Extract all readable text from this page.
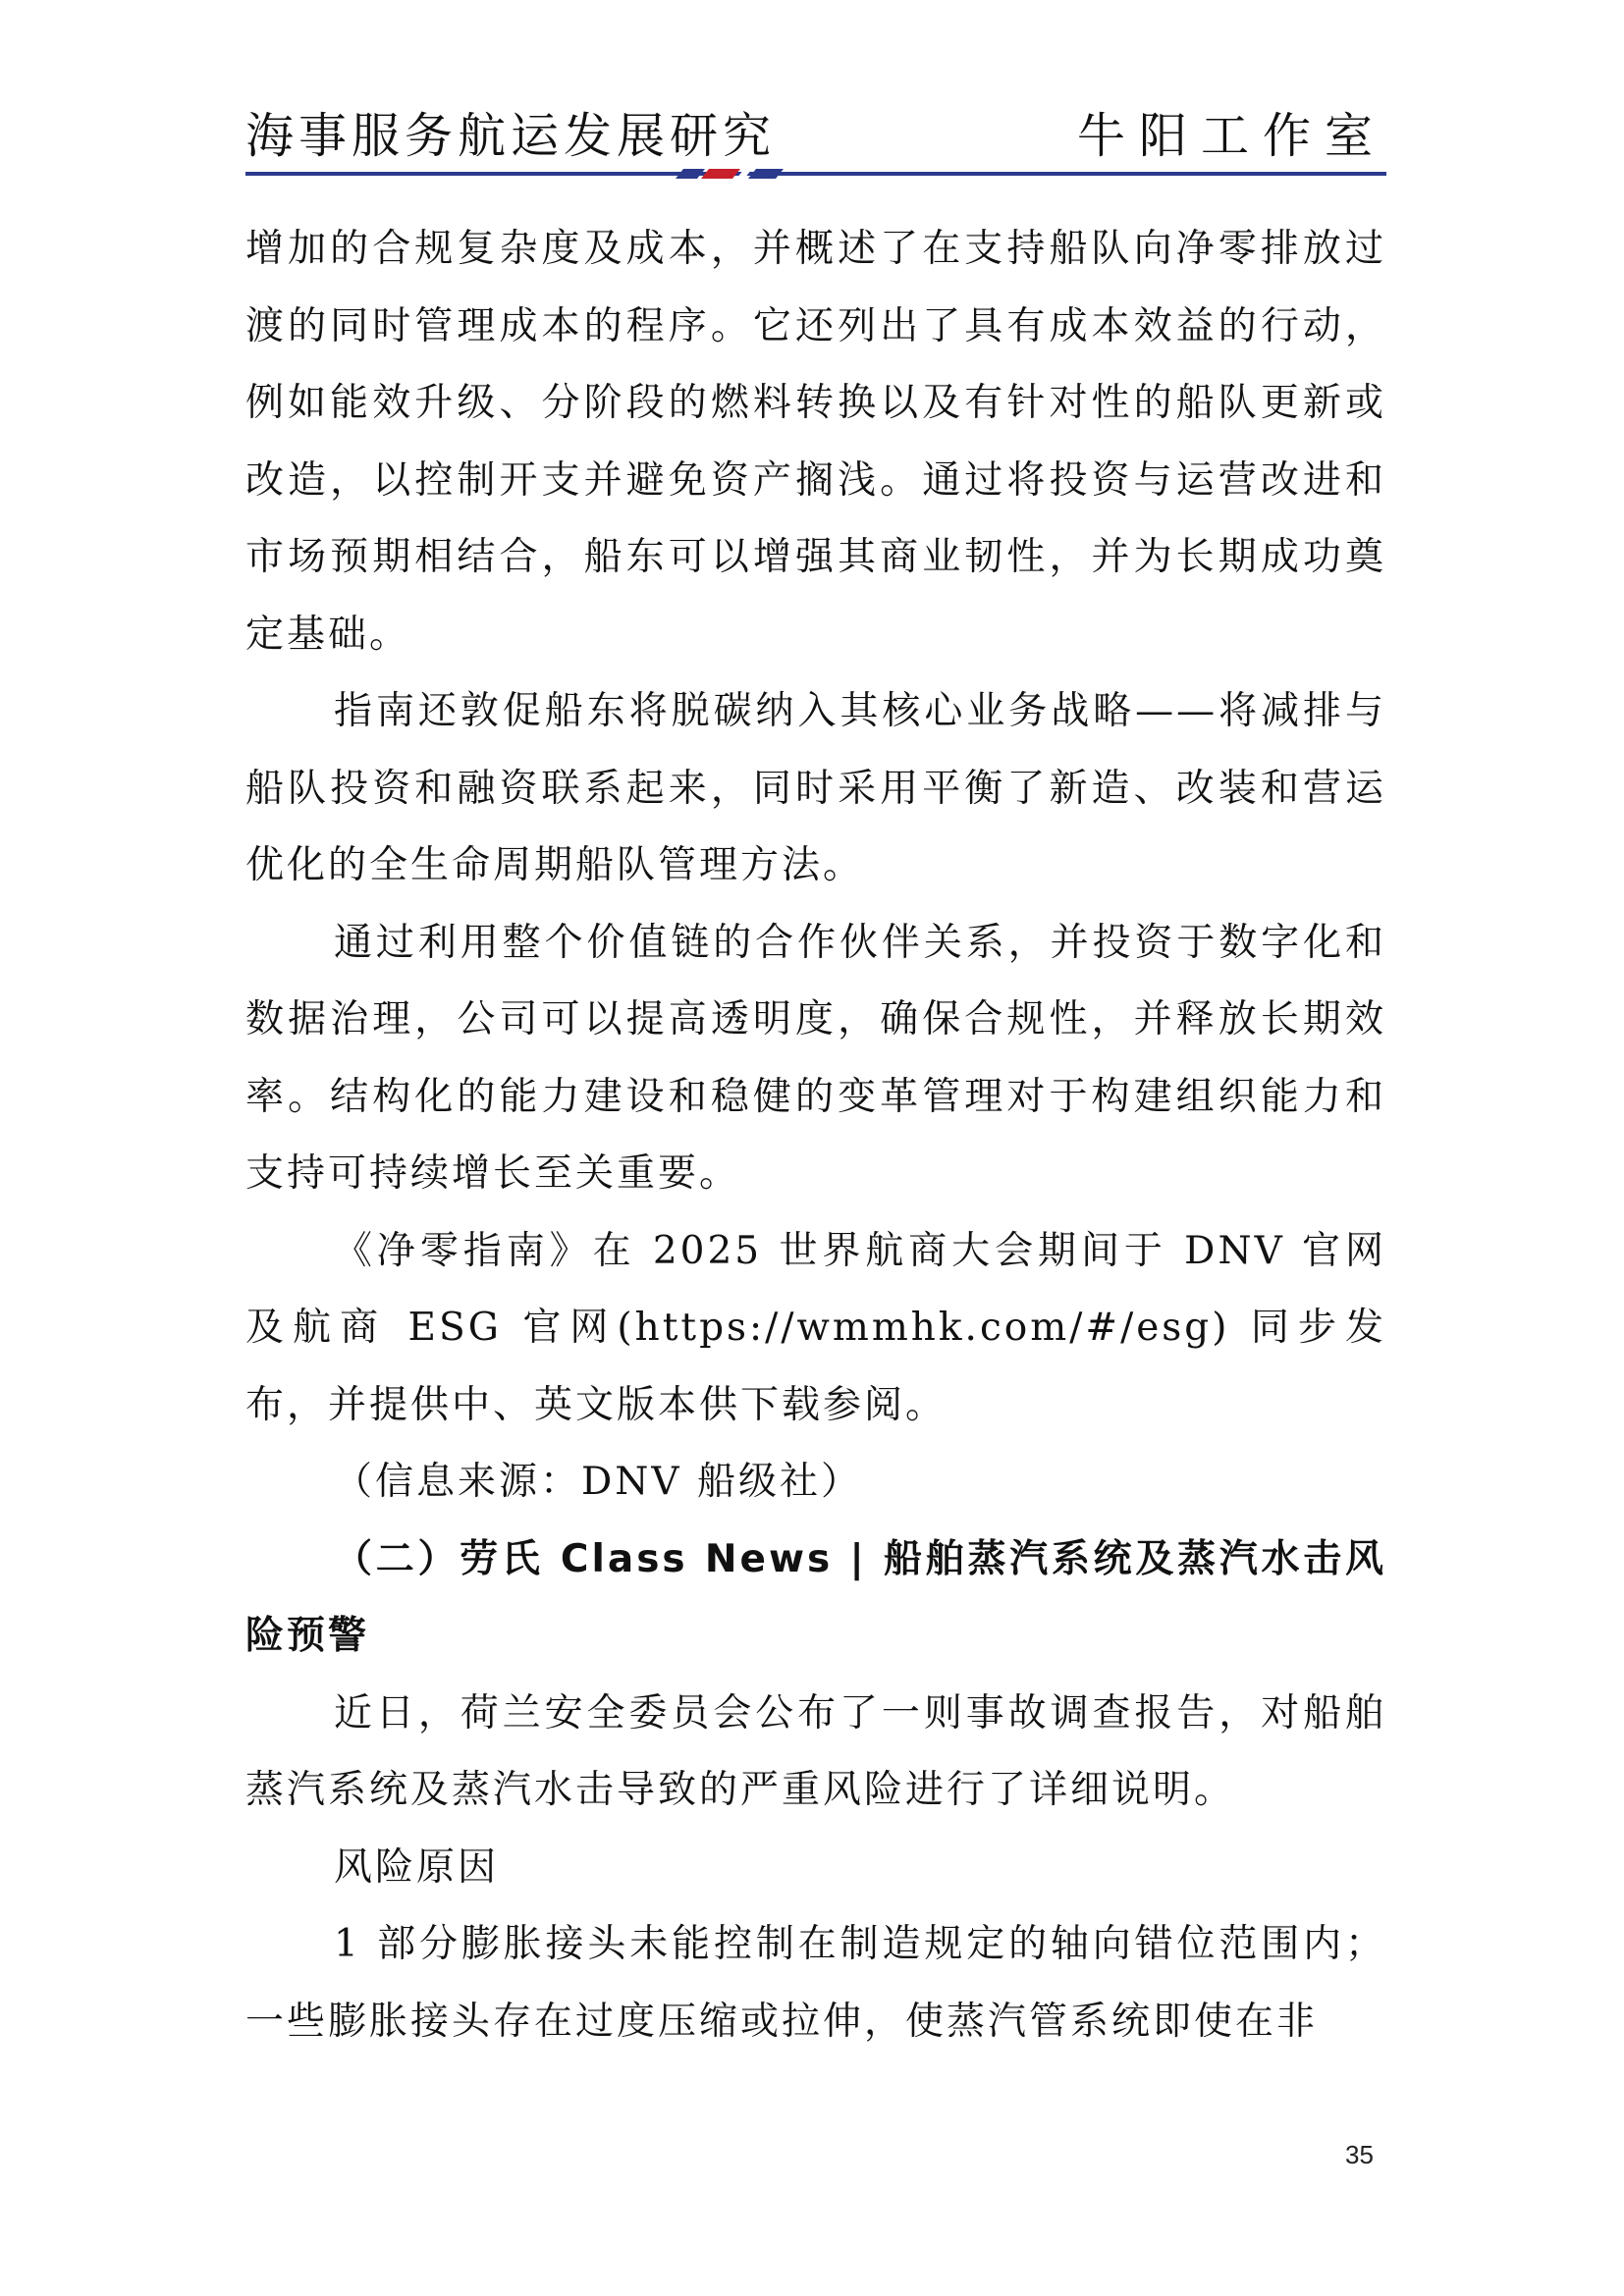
海事服务航运发展研究	牛阳工作室

增加的合规复杂度及成本，并概述了在支持船队向净零排放过渡的同时管理成本的程序。它还列出了具有成本效益的行动，例如能效升级、分阶段的燃料转换以及有针对性的船队更新或改造，以控制开支并避免资产搁浅。通过将投资与运营改进和市场预期相结合，船东可以增强其商业韧性，并为长期成功奠定基础。

指南还敦促船东将脱碳纳入其核心业务战略——将减排与船队投资和融资联系起来，同时采用平衡了新造、改装和营运优化的全生命周期船队管理方法。

通过利用整个价值链的合作伙伴关系，并投资于数字化和数据治理，公司可以提高透明度，确保合规性，并释放长期效率。结构化的能力建设和稳健的变革管理对于构建组织能力和支持可持续增长至关重要。

《净零指南》在 2025 世界航商大会期间于 DNV 官网及航商 ESG 官网(https://wmmhk.com/#/esg) 同步发布，并提供中、英文版本供下载参阅。

（信息来源：DNV 船级社）

（二）劳氏 Class News | 船舶蒸汽系统及蒸汽水击风险预警

近日，荷兰安全委员会公布了一则事故调查报告，对船舶蒸汽系统及蒸汽水击导致的严重风险进行了详细说明。

风险原因

1 部分膨胀接头未能控制在制造规定的轴向错位范围内；一些膨胀接头存在过度压缩或拉伸，使蒸汽管系统即使在非

35
